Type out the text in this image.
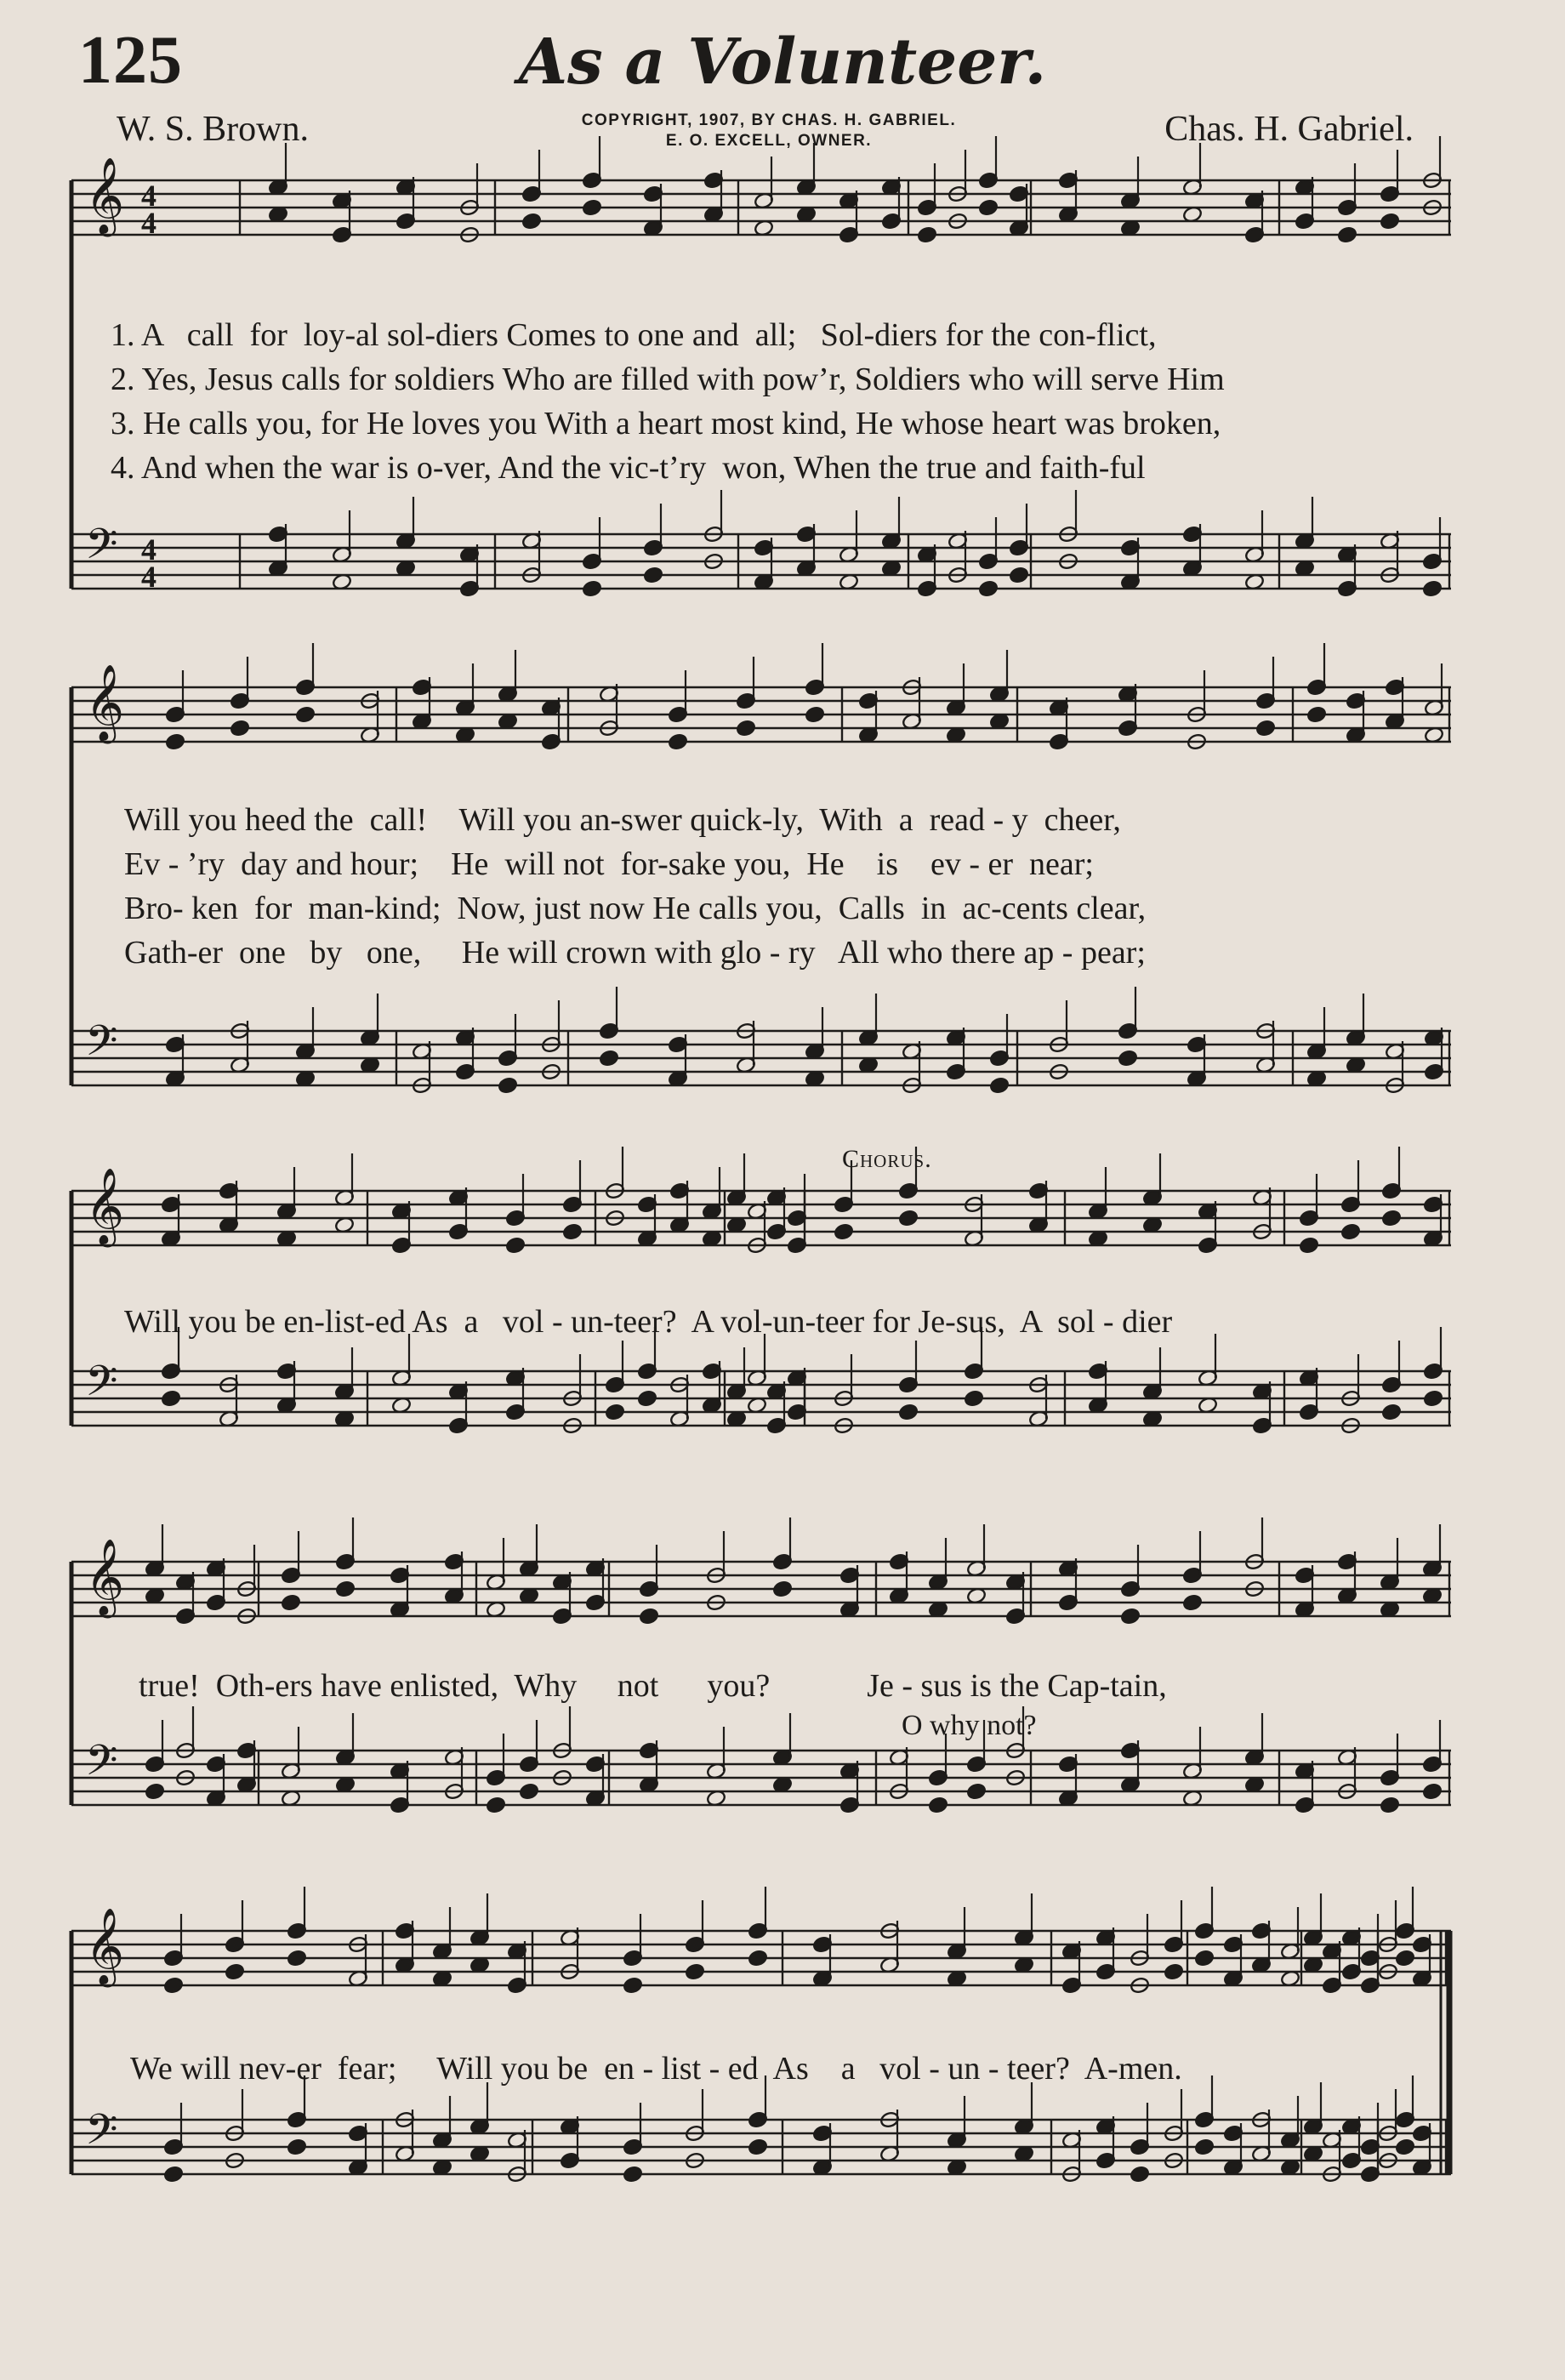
125	As a Volunteer.
W. S. Brown.	Chas. H. Gabriel.
COPYRIGHT, 1907, BY CHAS. H. GABRIEL.
E. O. EXCELL, OWNER.
𝄞
𝄢
4
4
4
4
𝄞
𝄢
𝄞
𝄢
𝄞
𝄢
𝄞
𝄢
1. A   call  for  loy-al sol-diers Comes to one and  all;   Sol-diers for the con-flict,
2. Yes, Jesus calls for soldiers Who are filled with pow’r, Soldiers who will serve Him
3. He calls you, for He loves you With a heart most kind, He whose heart was broken,
4. And when the war is o-ver, And the vic-t’ry  won, When the true and faith-ful
Will you heed the  call!    Will you an-swer quick-ly,  With  a  read - y  cheer,
Ev - ’ry  day and hour;    He  will not  for-sake you,  He    is    ev - er  near;
Bro- ken  for  man-kind;  Now, just now He calls you,  Calls  in  ac-cents clear,
Gath-er  one   by   one,     He will crown with glo - ry   All who there ap - pear;
Chorus.
Will you be en-list-ed As  a   vol - un-teer?  A vol-un-teer for Je-sus,  A  sol - dier
true!  Oth-ers have enlisted,  Why     not      you?            Je - sus is the Cap-tain,
O why not?
We will nev-er  fear;     Will you be  en - list - ed  As    a   vol - un - teer?  A-men.
